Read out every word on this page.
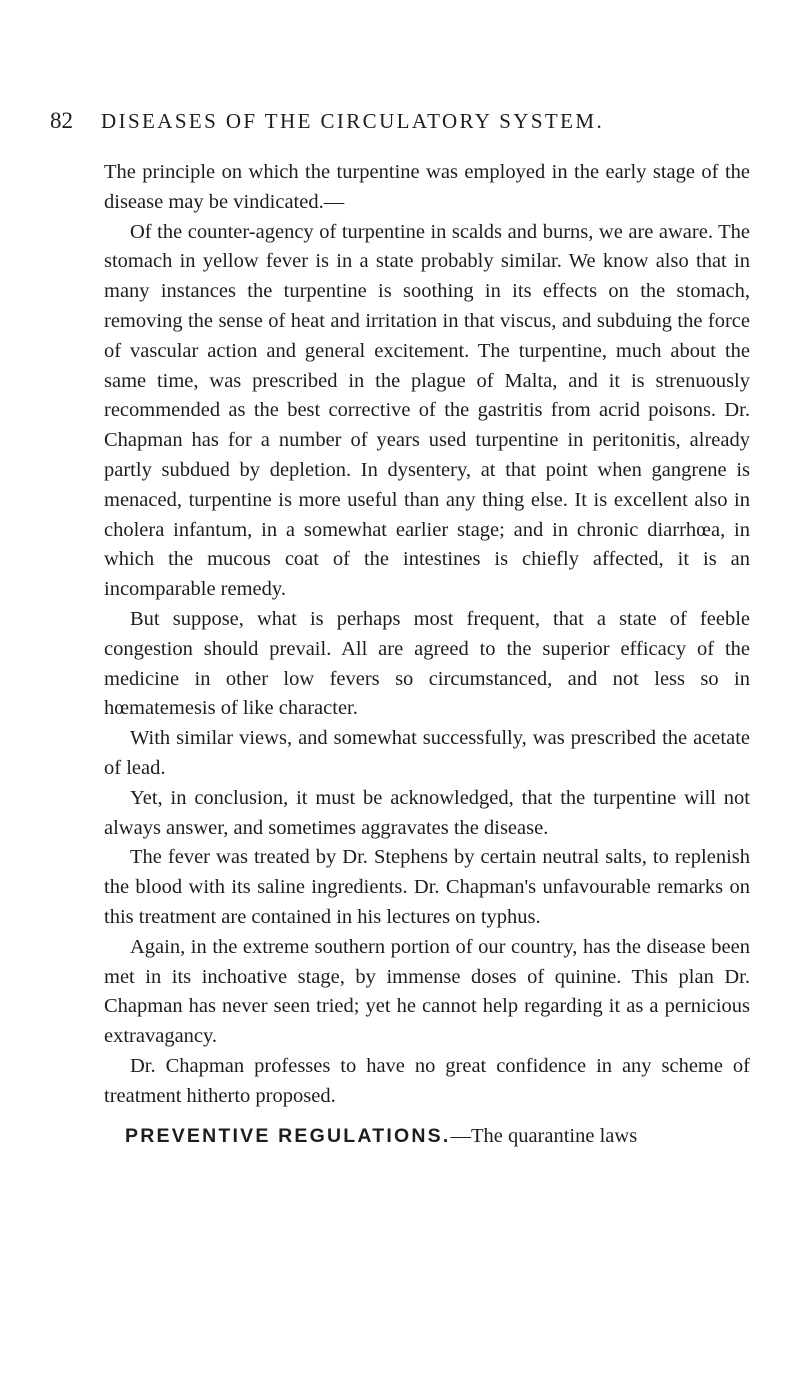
82 DISEASES OF THE CIRCULATORY SYSTEM.

The principle on which the turpentine was employed in the early stage of the disease may be vindicated.—

Of the counter-agency of turpentine in scalds and burns, we are aware. The stomach in yellow fever is in a state probably similar. We know also that in many instances the turpentine is soothing in its effects on the stomach, removing the sense of heat and irritation in that viscus, and subduing the force of vascular action and general excitement. The turpentine, much about the same time, was prescribed in the plague of Malta, and it is strenuously recommended as the best corrective of the gastritis from acrid poisons. Dr. Chapman has for a number of years used turpentine in peritonitis, already partly subdued by depletion. In dysentery, at that point when gangrene is menaced, turpentine is more useful than any thing else. It is excellent also in cholera infantum, in a somewhat earlier stage; and in chronic diarrhœa, in which the mucous coat of the intestines is chiefly affected, it is an incomparable remedy.

But suppose, what is perhaps most frequent, that a state of feeble congestion should prevail. All are agreed to the superior efficacy of the medicine in other low fevers so circumstanced, and not less so in hœmatemesis of like character.

With similar views, and somewhat successfully, was prescribed the acetate of lead.

Yet, in conclusion, it must be acknowledged, that the turpentine will not always answer, and sometimes aggravates the disease.

The fever was treated by Dr. Stephens by certain neutral salts, to replenish the blood with its saline ingredients. Dr. Chapman's unfavourable remarks on this treatment are contained in his lectures on typhus.

Again, in the extreme southern portion of our country, has the disease been met in its inchoative stage, by immense doses of quinine. This plan Dr. Chapman has never seen tried; yet he cannot help regarding it as a pernicious extravagancy.

Dr. Chapman professes to have no great confidence in any scheme of treatment hitherto proposed.

PREVENTIVE REGULATIONS.—The quarantine laws
